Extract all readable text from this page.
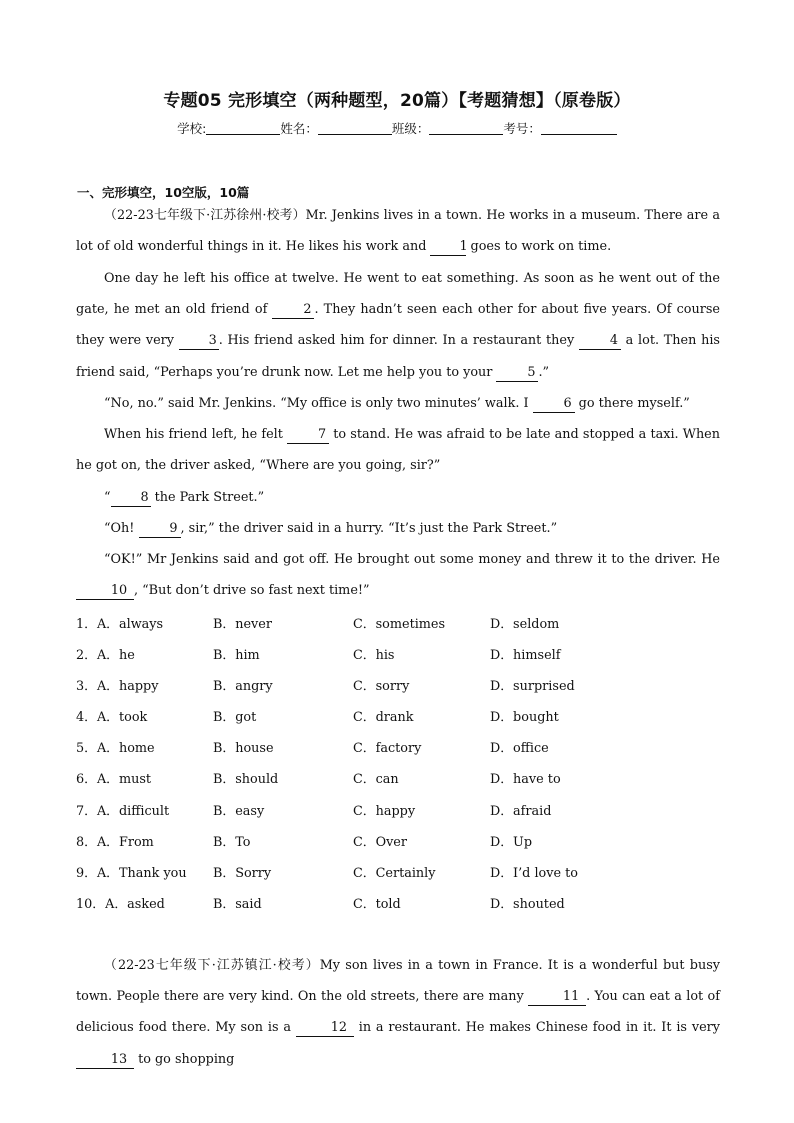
专题05 完形填空（两种题型，20篇）【考题猜想】（原卷版）
学校:	姓名：	班级：	考号：
一、完形填空，10空版，10篇
（22-23七年级下·江苏徐州·校考）Mr. Jenkins lives in a town. He works in a museum. There are a lot of old wonderful things in it. He likes his work and 1 goes to work on time.
One day he left his office at twelve. He went to eat something. As soon as he went out of the gate, he met an old friend of 2 . They hadn’t seen each other for about five years. Of course they were very 3 . His friend asked him for dinner. In a restaurant they 4 a lot. Then his friend said, “Perhaps you’re drunk now. Let me help you to your 5 .”
“No, no.” said Mr. Jenkins. “My office is only two minutes’ walk. I 6 go there myself.”
When his friend left, he felt 7 to stand. He was afraid to be late and stopped a taxi. When he got on, the driver asked, “Where are you going, sir?”
“ 8 the Park Street.”
“Oh! 9 , sir,” the driver said in a hurry. “It’s just the Park Street.”
“OK!” Mr Jenkins said and got off. He brought out some money and threw it to the driver. He 10 , “But don’t drive so fast next time!”
1．A．always	B．never	C．sometimes	D．seldom
2．A．he	B．him	C．his	D．himself
3．A．happy	B．angry	C．sorry	D．surprised
4．A．took	B．got	C．drank	D．bought
5．A．home	B．house	C．factory	D．office
6．A．must	B．should	C．can	D．have to
7．A．difficult	B．easy	C．happy	D．afraid
8．A．From	B．To	C．Over	D．Up
9．A．Thank you B．Sorry	C．Certainly	D．I’d love to
10．A．asked	B．said	C．told	D．shouted
（22-23七年级下·江苏镇江·校考）My son lives in a town in France. It is a wonderful but busy town. People there are very kind. On the old streets, there are many	11 . You can eat a lot of delicious food there. My son is a	12 in a restaurant. He makes Chinese food in it. It is very 13 to go shopping
